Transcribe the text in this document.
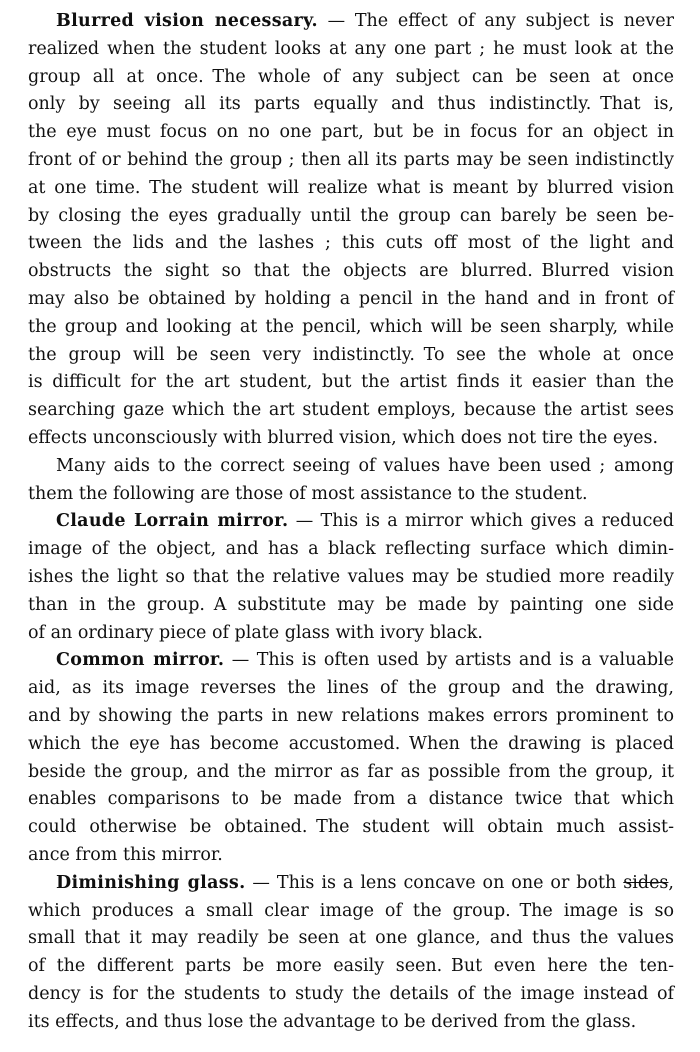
Blurred vision necessary. — The effect of any subject is never
realized when the student looks at any one part ; he must look at the
group all at once. The whole of any subject can be seen at once
only by seeing all its parts equally and thus indistinctly. That is,
the eye must focus on no one part, but be in focus for an object in
front of or behind the group ; then all its parts may be seen indistinctly
at one time. The student will realize what is meant by blurred vision
by closing the eyes gradually until the group can barely be seen be-
tween the lids and the lashes ; this cuts off most of the light and
obstructs the sight so that the objects are blurred. Blurred vision
may also be obtained by holding a pencil in the hand and in front of
the group and looking at the pencil, which will be seen sharply, while
the group will be seen very indistinctly. To see the whole at once
is difficult for the art student, but the artist finds it easier than the
searching gaze which the art student employs, because the artist sees
effects unconsciously with blurred vision, which does not tire the eyes.
Many aids to the correct seeing of values have been used ; among
them the following are those of most assistance to the student.
Claude Lorrain mirror. — This is a mirror which gives a reduced
image of the object, and has a black reflecting surface which dimin-
ishes the light so that the relative values may be studied more readily
than in the group. A substitute may be made by painting one side
of an ordinary piece of plate glass with ivory black.
Common mirror. — This is often used by artists and is a valuable
aid, as its image reverses the lines of the group and the drawing,
and by showing the parts in new relations makes errors prominent to
which the eye has become accustomed. When the drawing is placed
beside the group, and the mirror as far as possible from the group, it
enables comparisons to be made from a distance twice that which
could otherwise be obtained. The student will obtain much assist-
ance from this mirror.
Diminishing glass. — This is a lens concave on one or both sides,
which produces a small clear image of the group. The image is so
small that it may readily be seen at one glance, and thus the values
of the different parts be more easily seen. But even here the ten-
dency is for the students to study the details of the image instead of
its effects, and thus lose the advantage to be derived from the glass.
